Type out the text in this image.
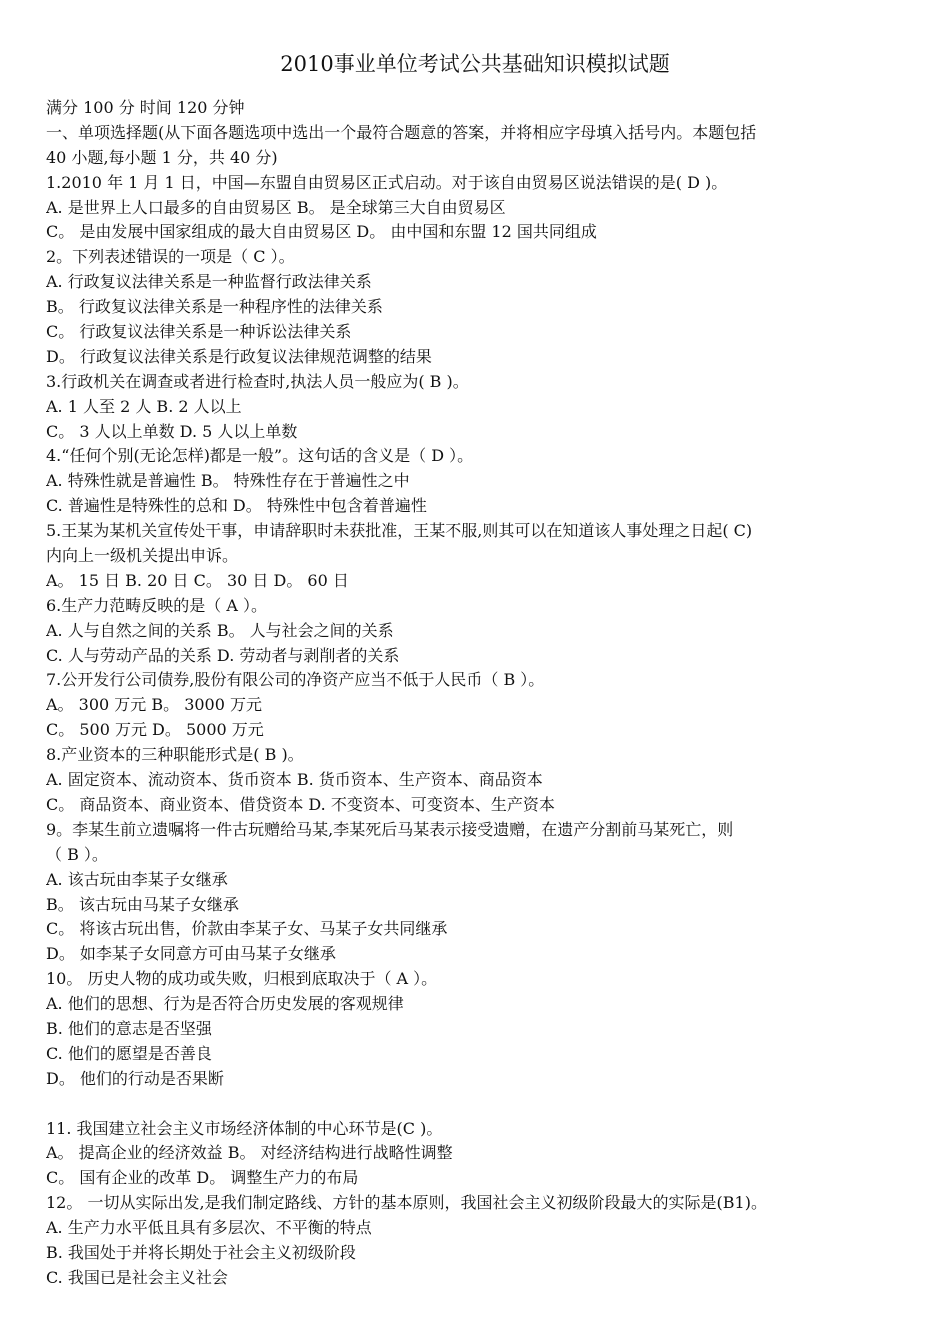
2010事业单位考试公共基础知识模拟试题
满分 100 分 时间 120 分钟
一、单项选择题(从下面各题选项中选出一个最符合题意的答案，并将相应字母填入括号内。本题包括
40 小题,每小题 1 分，共 40 分)
1.2010 年 1 月 1 日，中国—东盟自由贸易区正式启动。对于该自由贸易区说法错误的是( D )。
A. 是世界上人口最多的自由贸易区 B。 是全球第三大自由贸易区
C。 是由发展中国家组成的最大自由贸易区 D。 由中国和东盟 12 国共同组成
2。下列表述错误的一项是（ C ）。
A. 行政复议法律关系是一种监督行政法律关系
B。 行政复议法律关系是一种程序性的法律关系
C。 行政复议法律关系是一种诉讼法律关系
D。 行政复议法律关系是行政复议法律规范调整的结果
3.行政机关在调查或者进行检查时,执法人员一般应为( B )。
A. 1 人至 2 人 B. 2 人以上
C。 3 人以上单数 D. 5 人以上单数
4.“任何个别(无论怎样)都是一般”。这句话的含义是（ D ）。
A. 特殊性就是普遍性 B。 特殊性存在于普遍性之中
C. 普遍性是特殊性的总和 D。 特殊性中包含着普遍性
5.王某为某机关宣传处干事，申请辞职时未获批准，王某不服,则其可以在知道该人事处理之日起( C)
内向上一级机关提出申诉。
A。 15 日 B. 20 日 C。 30 日 D。 60 日
6.生产力范畴反映的是（ A ）。
A. 人与自然之间的关系 B。 人与社会之间的关系
C. 人与劳动产品的关系 D. 劳动者与剥削者的关系
7.公开发行公司债券,股份有限公司的净资产应当不低于人民币（ B ）。
A。 300 万元 B。 3000 万元
C。 500 万元 D。 5000 万元
8.产业资本的三种职能形式是( B )。
A. 固定资本、流动资本、货币资本 B. 货币资本、生产资本、商品资本
C。 商品资本、商业资本、借贷资本 D. 不变资本、可变资本、生产资本
9。李某生前立遗嘱将一件古玩赠给马某,李某死后马某表示接受遗赠，在遗产分割前马某死亡，则
（ B ）。
A. 该古玩由李某子女继承
B。 该古玩由马某子女继承
C。 将该古玩出售，价款由李某子女、马某子女共同继承
D。 如李某子女同意方可由马某子女继承
10。 历史人物的成功或失败，归根到底取决于（ A ）。
A. 他们的思想、行为是否符合历史发展的客观规律
B. 他们的意志是否坚强
C. 他们的愿望是否善良
D。 他们的行动是否果断
11. 我国建立社会主义市场经济体制的中心环节是(C )。
A。 提高企业的经济效益 B。 对经济结构进行战略性调整
C。 国有企业的改革 D。 调整生产力的布局
12。 一切从实际出发,是我们制定路线、方针的基本原则，我国社会主义初级阶段最大的实际是(B1)。
A. 生产力水平低且具有多层次、不平衡的特点
B. 我国处于并将长期处于社会主义初级阶段
C. 我国已是社会主义社会
